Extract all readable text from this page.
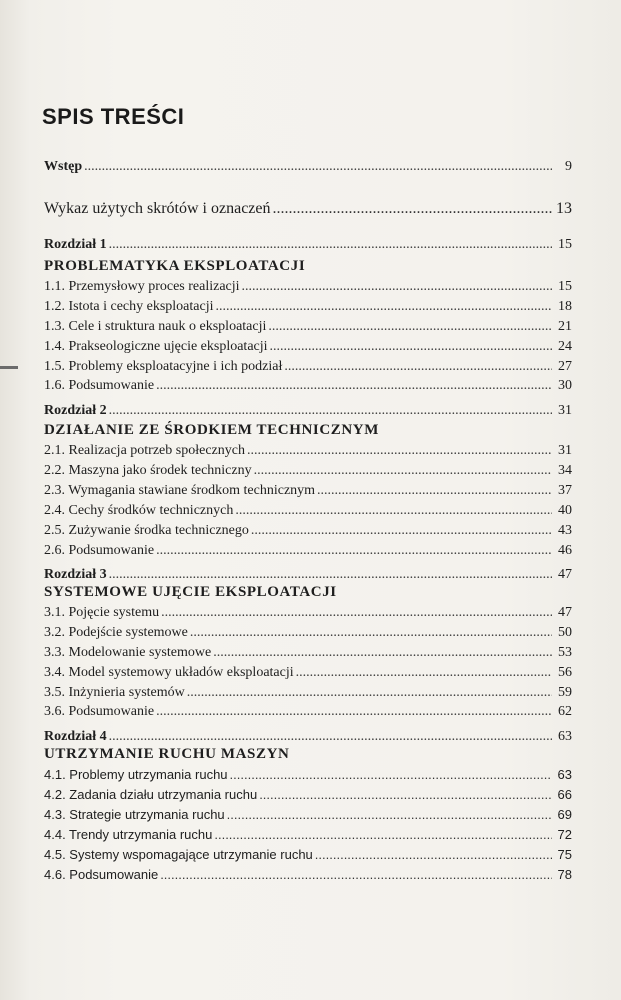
SPIS TREŚCI
Wstęp .....	9
Wykaz użytych skrótów i oznaczeń .....	13
Rozdział 1 .....	15
PROBLEMATYKA EKSPLOATACJI
1.1. Przemysłowy proces realizacji .....	15
1.2. Istota i cechy eksploatacji .....	18
1.3. Cele i struktura nauk o eksploatacji .....	21
1.4. Prakseologiczne ujęcie eksploatacji .....	24
1.5. Problemy eksploatacyjne i ich podział .....	27
1.6. Podsumowanie .....	30
Rozdział 2 .....	31
DZIAŁANIE ZE ŚRODKIEM TECHNICZNYM
2.1. Realizacja potrzeb społecznych .....	31
2.2. Maszyna jako środek techniczny .....	34
2.3. Wymagania stawiane środkom technicznym .....	37
2.4. Cechy środków technicznych .....	40
2.5. Zużywanie środka technicznego .....	43
2.6. Podsumowanie .....	46
Rozdział 3 .....	47
SYSTEMOWE UJĘCIE EKSPLOATACJI
3.1. Pojęcie systemu .....	47
3.2. Podejście systemowe .....	50
3.3. Modelowanie systemowe .....	53
3.4. Model systemowy układów eksploatacji .....	56
3.5. Inżynieria systemów .....	59
3.6. Podsumowanie .....	62
Rozdział 4 .....	63
UTRZYMANIE RUCHU MASZYN
4.1. Problemy utrzymania ruchu .....	63
4.2. Zadania działu utrzymania ruchu .....	66
4.3. Strategie utrzymania ruchu .....	69
4.4. Trendy utrzymania ruchu .....	72
4.5. Systemy wspomagające utrzymanie ruchu .....	75
4.6. Podsumowanie .....	78
